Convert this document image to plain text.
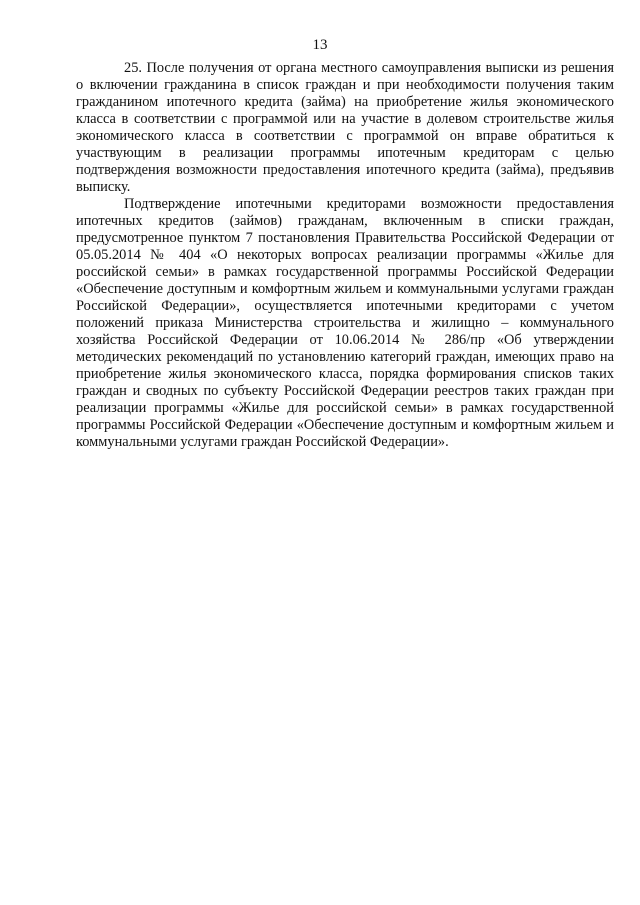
13

25. После получения от органа местного самоуправления выписки из решения о включении гражданина в список граждан и при необходимости получения таким гражданином ипотечного кредита (займа) на приобретение жилья экономического класса в соответствии с программой или на участие в долевом строительстве жилья экономического класса в соответствии с программой он вправе обратиться к участвующим в реализации программы ипотечным кредиторам с целью подтверждения возможности предоставления ипотечного кредита (займа), предъявив выписку.

Подтверждение ипотечными кредиторами возможности предоставления ипотечных кредитов (займов) гражданам, включенным в списки граждан, предусмотренное пунктом 7 постановления Правительства Российской Федерации от 05.05.2014 № 404 «О некоторых вопросах реализации программы «Жилье для российской семьи» в рамках государственной программы Российской Федерации «Обеспечение доступным и комфортным жильем и коммунальными услугами граждан Российской Федерации», осуществляется ипотечными кредиторами с учетом положений приказа Министерства строительства и жилищно – коммунального хозяйства Российской Федерации от 10.06.2014 № 286/пр «Об утверждении методических рекомендаций по установлению категорий граждан, имеющих право на приобретение жилья экономического класса, порядка формирования списков таких граждан и сводных по субъекту Российской Федерации реестров таких граждан при реализации программы «Жилье для российской семьи» в рамках государственной программы Российской Федерации «Обеспечение доступным и комфортным жильем и коммунальными услугами граждан Российской Федерации».
